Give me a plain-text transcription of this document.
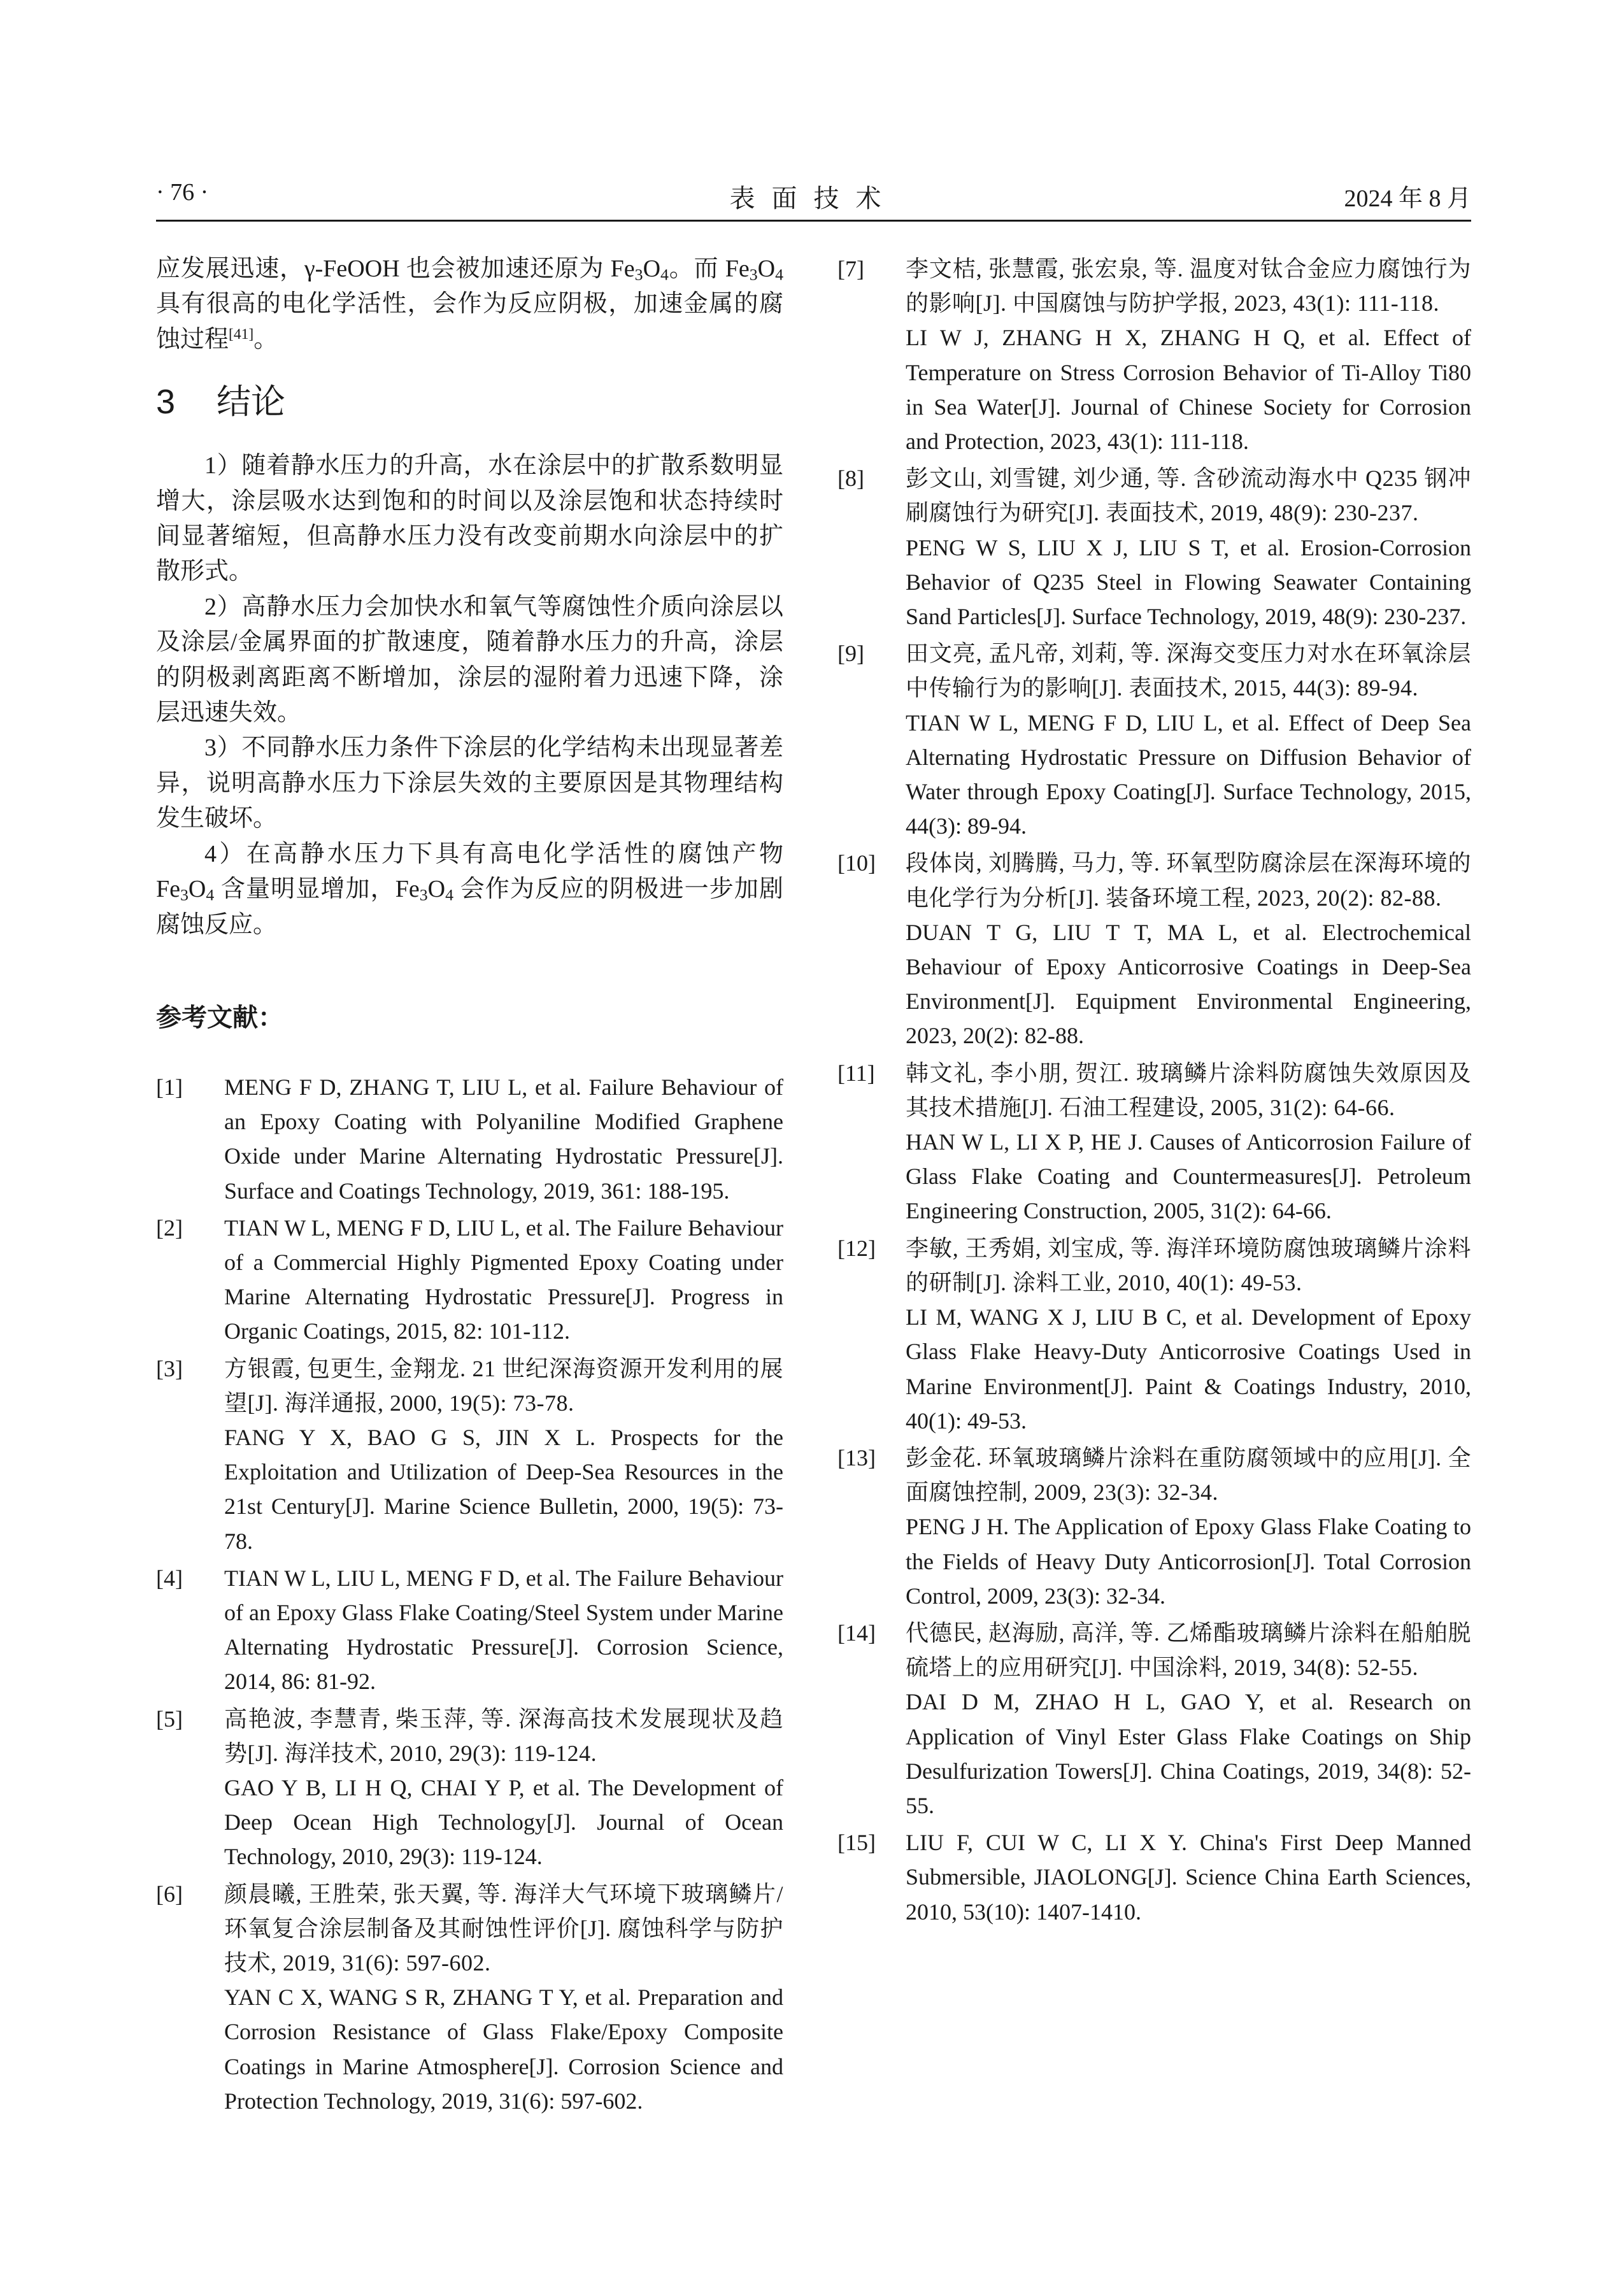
· 76 ·	表面技术	2024 年 8 月

应发展迅速，γ-FeOOH 也会被加速还原为 $Fe_3O_4$。而 $Fe_3O_4$ 具有很高的电化学活性，会作为反应阴极，加速金属的腐蚀过程[41]。

3 结论

1）随着静水压力的升高，水在涂层中的扩散系数明显增大，涂层吸水达到饱和的时间以及涂层饱和状态持续时间显著缩短，但高静水压力没有改变前期水向涂层中的扩散形式。

2）高静水压力会加快水和氧气等腐蚀性介质向涂层以及涂层/金属界面的扩散速度，随着静水压力的升高，涂层的阴极剥离距离不断增加，涂层的湿附着力迅速下降，涂层迅速失效。

3）不同静水压力条件下涂层的化学结构未出现显著差异，说明高静水压力下涂层失效的主要原因是其物理结构发生破坏。

4）在高静水压力下具有高电化学活性的腐蚀产物 $Fe_3O_4$ 含量明显增加，$Fe_3O_4$ 会作为反应的阴极进一步加剧腐蚀反应。

参考文献：
[1] MENG F D, ZHANG T, LIU L, et al. Failure Behaviour of an Epoxy Coating with Polyaniline Modified Graphene Oxide under Marine Alternating Hydrostatic Pressure[J]. Surface and Coatings Technology, 2019, 361: 188-195.

[2] TIAN W L, MENG F D, LIU L, et al. The Failure Behaviour of a Commercial Highly Pigmented Epoxy Coating under Marine Alternating Hydrostatic Pressure[J]. Progress in Organic Coatings, 2015, 82: 101-112.

[3] 方银霞, 包更生, 金翔龙. 21 世纪深海资源开发利用的展望[J]. 海洋通报, 2000, 19(5): 73-78.

FANG Y X, BAO G S, JIN X L. Prospects for the Exploitation and Utilization of Deep-Sea Resources in the 21st Century[J]. Marine Science Bulletin, 2000, 19(5): 73-78.

[4] TIAN W L, LIU L, MENG F D, et al. The Failure Behaviour of an Epoxy Glass Flake Coating/Steel System under Marine Alternating Hydrostatic Pressure[J]. Corrosion Science, 2014, 86: 81-92.

[5] 高艳波, 李慧青, 柴玉萍, 等. 深海高技术发展现状及趋势[J]. 海洋技术, 2010, 29(3): 119-124.

GAO Y B, LI H Q, CHAI Y P, et al. The Development of Deep Ocean High Technology[J]. Journal of Ocean Technology, 2010, 29(3): 119-124.

[6] 颜晨曦, 王胜荣, 张天翼, 等. 海洋大气环境下玻璃鳞片/环氧复合涂层制备及其耐蚀性评价[J]. 腐蚀科学与防护技术, 2019, 31(6): 597-602.

YAN C X, WANG S R, ZHANG T Y, et al. Preparation and Corrosion Resistance of Glass Flake/Epoxy Composite Coatings in Marine Atmosphere[J]. Corrosion Science and Protection Technology, 2019, 31(6): 597-602.

[7] 李文桔, 张慧霞, 张宏泉, 等. 温度对钛合金应力腐蚀行为的影响[J]. 中国腐蚀与防护学报, 2023, 43(1): 111-118.

LI W J, ZHANG H X, ZHANG H Q, et al. Effect of Temperature on Stress Corrosion Behavior of Ti-Alloy Ti80 in Sea Water[J]. Journal of Chinese Society for Corrosion and Protection, 2023, 43(1): 111-118.

[8] 彭文山, 刘雪键, 刘少通, 等. 含砂流动海水中 Q235 钢冲刷腐蚀行为研究[J]. 表面技术, 2019, 48(9): 230-237.

PENG W S, LIU X J, LIU S T, et al. Erosion-Corrosion Behavior of Q235 Steel in Flowing Seawater Containing Sand Particles[J]. Surface Technology, 2019, 48(9): 230-237.

[9] 田文亮, 孟凡帝, 刘莉, 等. 深海交变压力对水在环氧涂层中传输行为的影响[J]. 表面技术, 2015, 44(3): 89-94.

TIAN W L, MENG F D, LIU L, et al. Effect of Deep Sea Alternating Hydrostatic Pressure on Diffusion Behavior of Water through Epoxy Coating[J]. Surface Technology, 2015, 44(3): 89-94.

[10] 段体岗, 刘腾腾, 马力, 等. 环氧型防腐涂层在深海环境的电化学行为分析[J]. 装备环境工程, 2023, 20(2): 82-88.

DUAN T G, LIU T T, MA L, et al. Electrochemical Behaviour of Epoxy Anticorrosive Coatings in Deep-Sea Environment[J]. Equipment Environmental Engineering, 2023, 20(2): 82-88.

[11] 韩文礼, 李小朋, 贺江. 玻璃鳞片涂料防腐蚀失效原因及其技术措施[J]. 石油工程建设, 2005, 31(2): 64-66.

HAN W L, LI X P, HE J. Causes of Anticorrosion Failure of Glass Flake Coating and Countermeasures[J]. Petroleum Engineering Construction, 2005, 31(2): 64-66.

[12] 李敏, 王秀娟, 刘宝成, 等. 海洋环境防腐蚀玻璃鳞片涂料的研制[J]. 涂料工业, 2010, 40(1): 49-53.

LI M, WANG X J, LIU B C, et al. Development of Epoxy Glass Flake Heavy-Duty Anticorrosive Coatings Used in Marine Environment[J]. Paint & Coatings Industry, 2010, 40(1): 49-53.

[13] 彭金花. 环氧玻璃鳞片涂料在重防腐领域中的应用[J]. 全面腐蚀控制, 2009, 23(3): 32-34.

PENG J H. The Application of Epoxy Glass Flake Coating to the Fields of Heavy Duty Anticorrosion[J]. Total Corrosion Control, 2009, 23(3): 32-34.

[14] 代德民, 赵海励, 高洋, 等. 乙烯酯玻璃鳞片涂料在船舶脱硫塔上的应用研究[J]. 中国涂料, 2019, 34(8): 52-55.

DAI D M, ZHAO H L, GAO Y, et al. Research on Application of Vinyl Ester Glass Flake Coatings on Ship Desulfurization Towers[J]. China Coatings, 2019, 34(8): 52-55.

[15] LIU F, CUI W C, LI X Y. China's First Deep Manned Submersible, JIAOLONG[J]. Science China Earth Sciences, 2010, 53(10): 1407-1410.
